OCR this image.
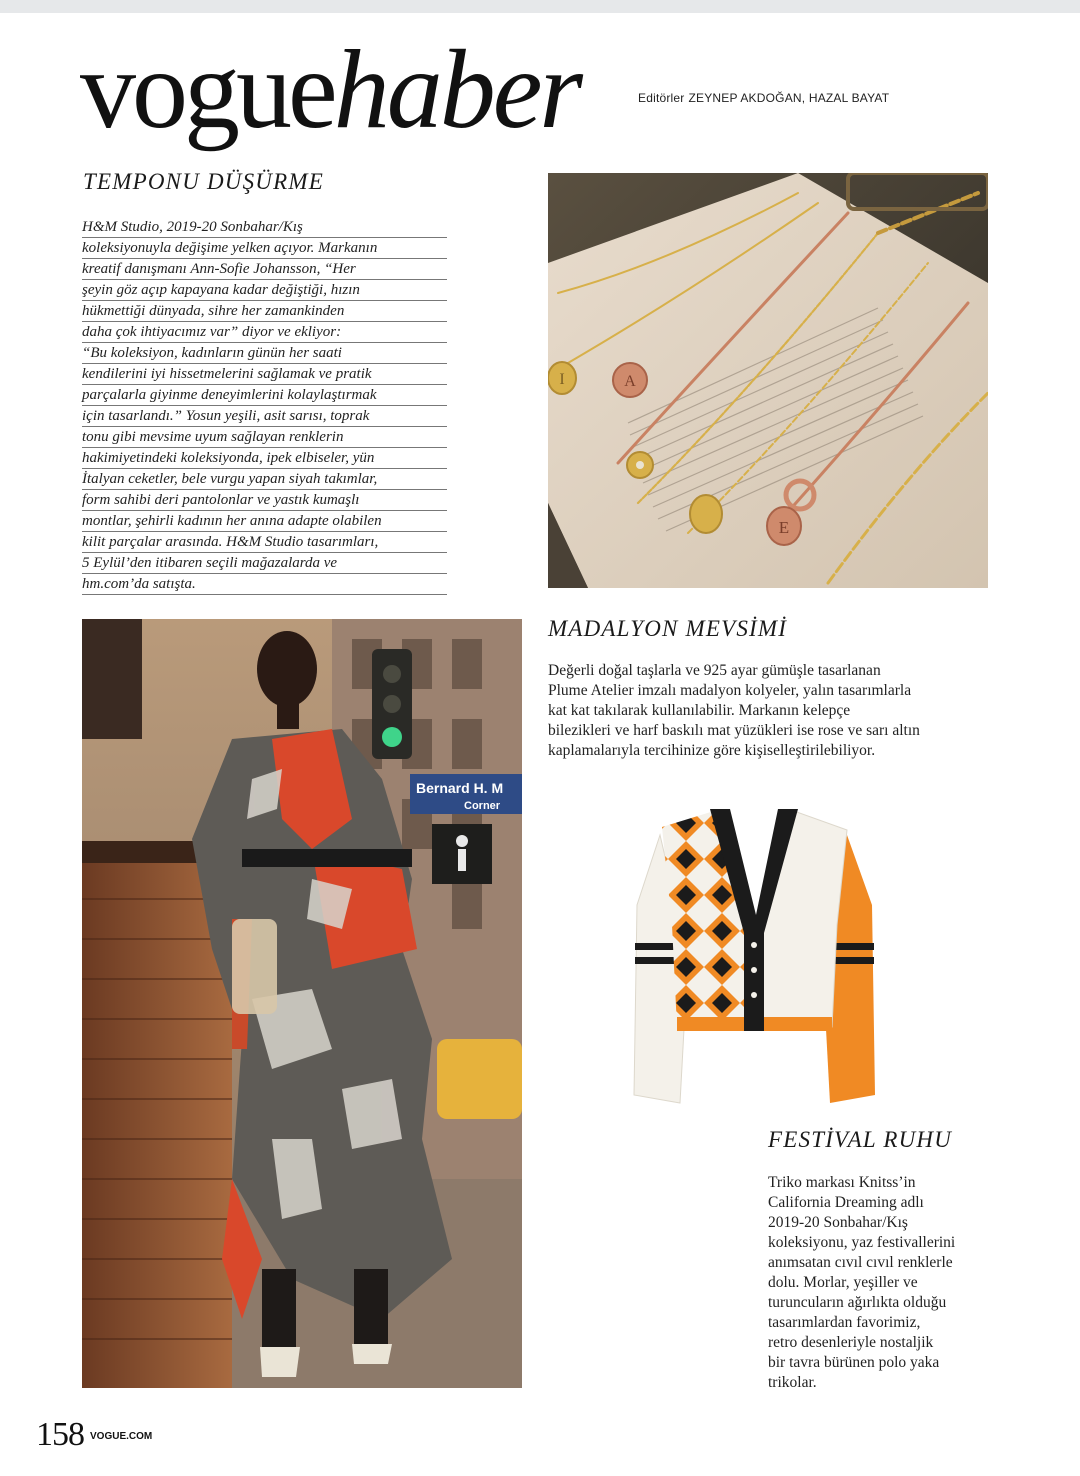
voguehaber	Editörler ZEYNEP AKDOĞAN, HAZAL BAYAT
TEMPONU DÜŞÜRME
H&M Studio, 2019-20 Sonbahar/Kış
koleksiyonuyla değişime yelken açıyor. Markanın
kreatif danışmanı Ann-Sofie Johansson, “Her
şeyin göz açıp kapayana kadar değiştiği, hızın
hükmettiği dünyada, sihre her zamankinden
daha çok ihtiyacımız var” diyor ve ekliyor:
“Bu koleksiyon, kadınların günün her saati
kendilerini iyi hissetmelerini sağlamak ve pratik
parçalarla giyinme deneyimlerini kolaylaştırmak
için tasarlandı.” Yosun yeşili, asit sarısı, toprak
tonu gibi mevsime uyum sağlayan renklerin
hakimiyetindeki koleksiyonda, ipek elbiseler, yün
İtalyan ceketler, bele vurgu yapan siyah takımlar,
form sahibi deri pantolonlar ve yastık kumaşlı
montlar, şehirli kadının her anına adapte olabilen
kilit parçalar arasında. H&M Studio tasarımları,
5 Eylül’den itibaren seçili mağazalarda ve
hm.com’da satışta.
I	A
E
Bernard H. M
Corner
MADALYON MEVSİMİ
Değerli doğal taşlarla ve 925 ayar gümüşle tasarlanan
Plume Atelier imzalı madalyon kolyeler, yalın tasarımlarla
kat kat takılarak kullanılabilir. Markanın kelepçe
bilezikleri ve harf baskılı mat yüzükleri ise rose ve sarı altın
kaplamalarıyla tercihinize göre kişiselleştirilebiliyor.
FESTİVAL RUHU
Triko markası Knitss’in
California Dreaming adlı
2019-20 Sonbahar/Kış
koleksiyonu, yaz festivallerini
anımsatan cıvıl cıvıl renklerle
dolu. Morlar, yeşiller ve
turuncuların ağırlıkta olduğu
tasarımlardan favorimiz,
retro desenleriyle nostaljik
bir tavra bürünen polo yaka
trikolar.
158 $^{VOGUE.COM}$
